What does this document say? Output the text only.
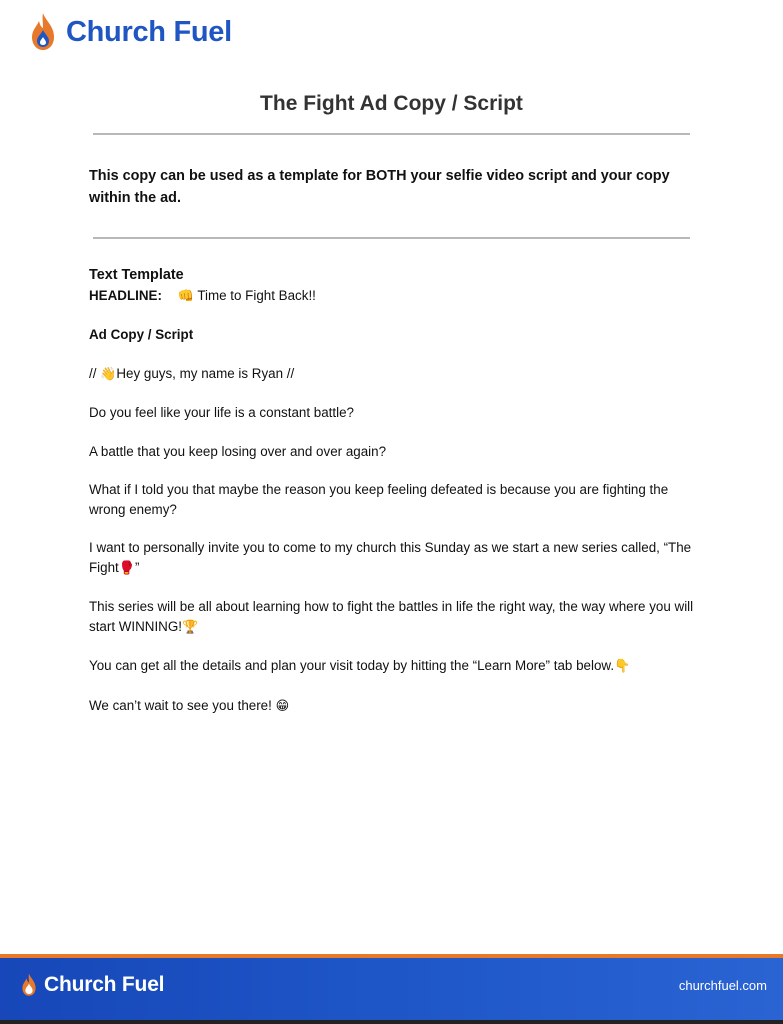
Church Fuel
The Fight Ad Copy / Script
This copy can be used as a template for BOTH your selfie video script and your copy within the ad.

Text Template

HEADLINE: 👊 Time to Fight Back!!

Ad Copy / Script

// 👋Hey guys, my name is Ryan //

Do you feel like your life is a constant battle?

A battle that you keep losing over and over again?

What if I told you that maybe the reason you keep feeling defeated is because you are fighting the wrong enemy?

I want to personally invite you to come to my church this Sunday as we start a new series called, “The Fight🥊”

This series will be all about learning how to fight the battles in life the right way, the way where you will start WINNING!🏆

You can get all the details and plan your visit today by hitting the “Learn More” tab below.👇

We can’t wait to see you there! 😁

Church Fuel	churchfuel.com
